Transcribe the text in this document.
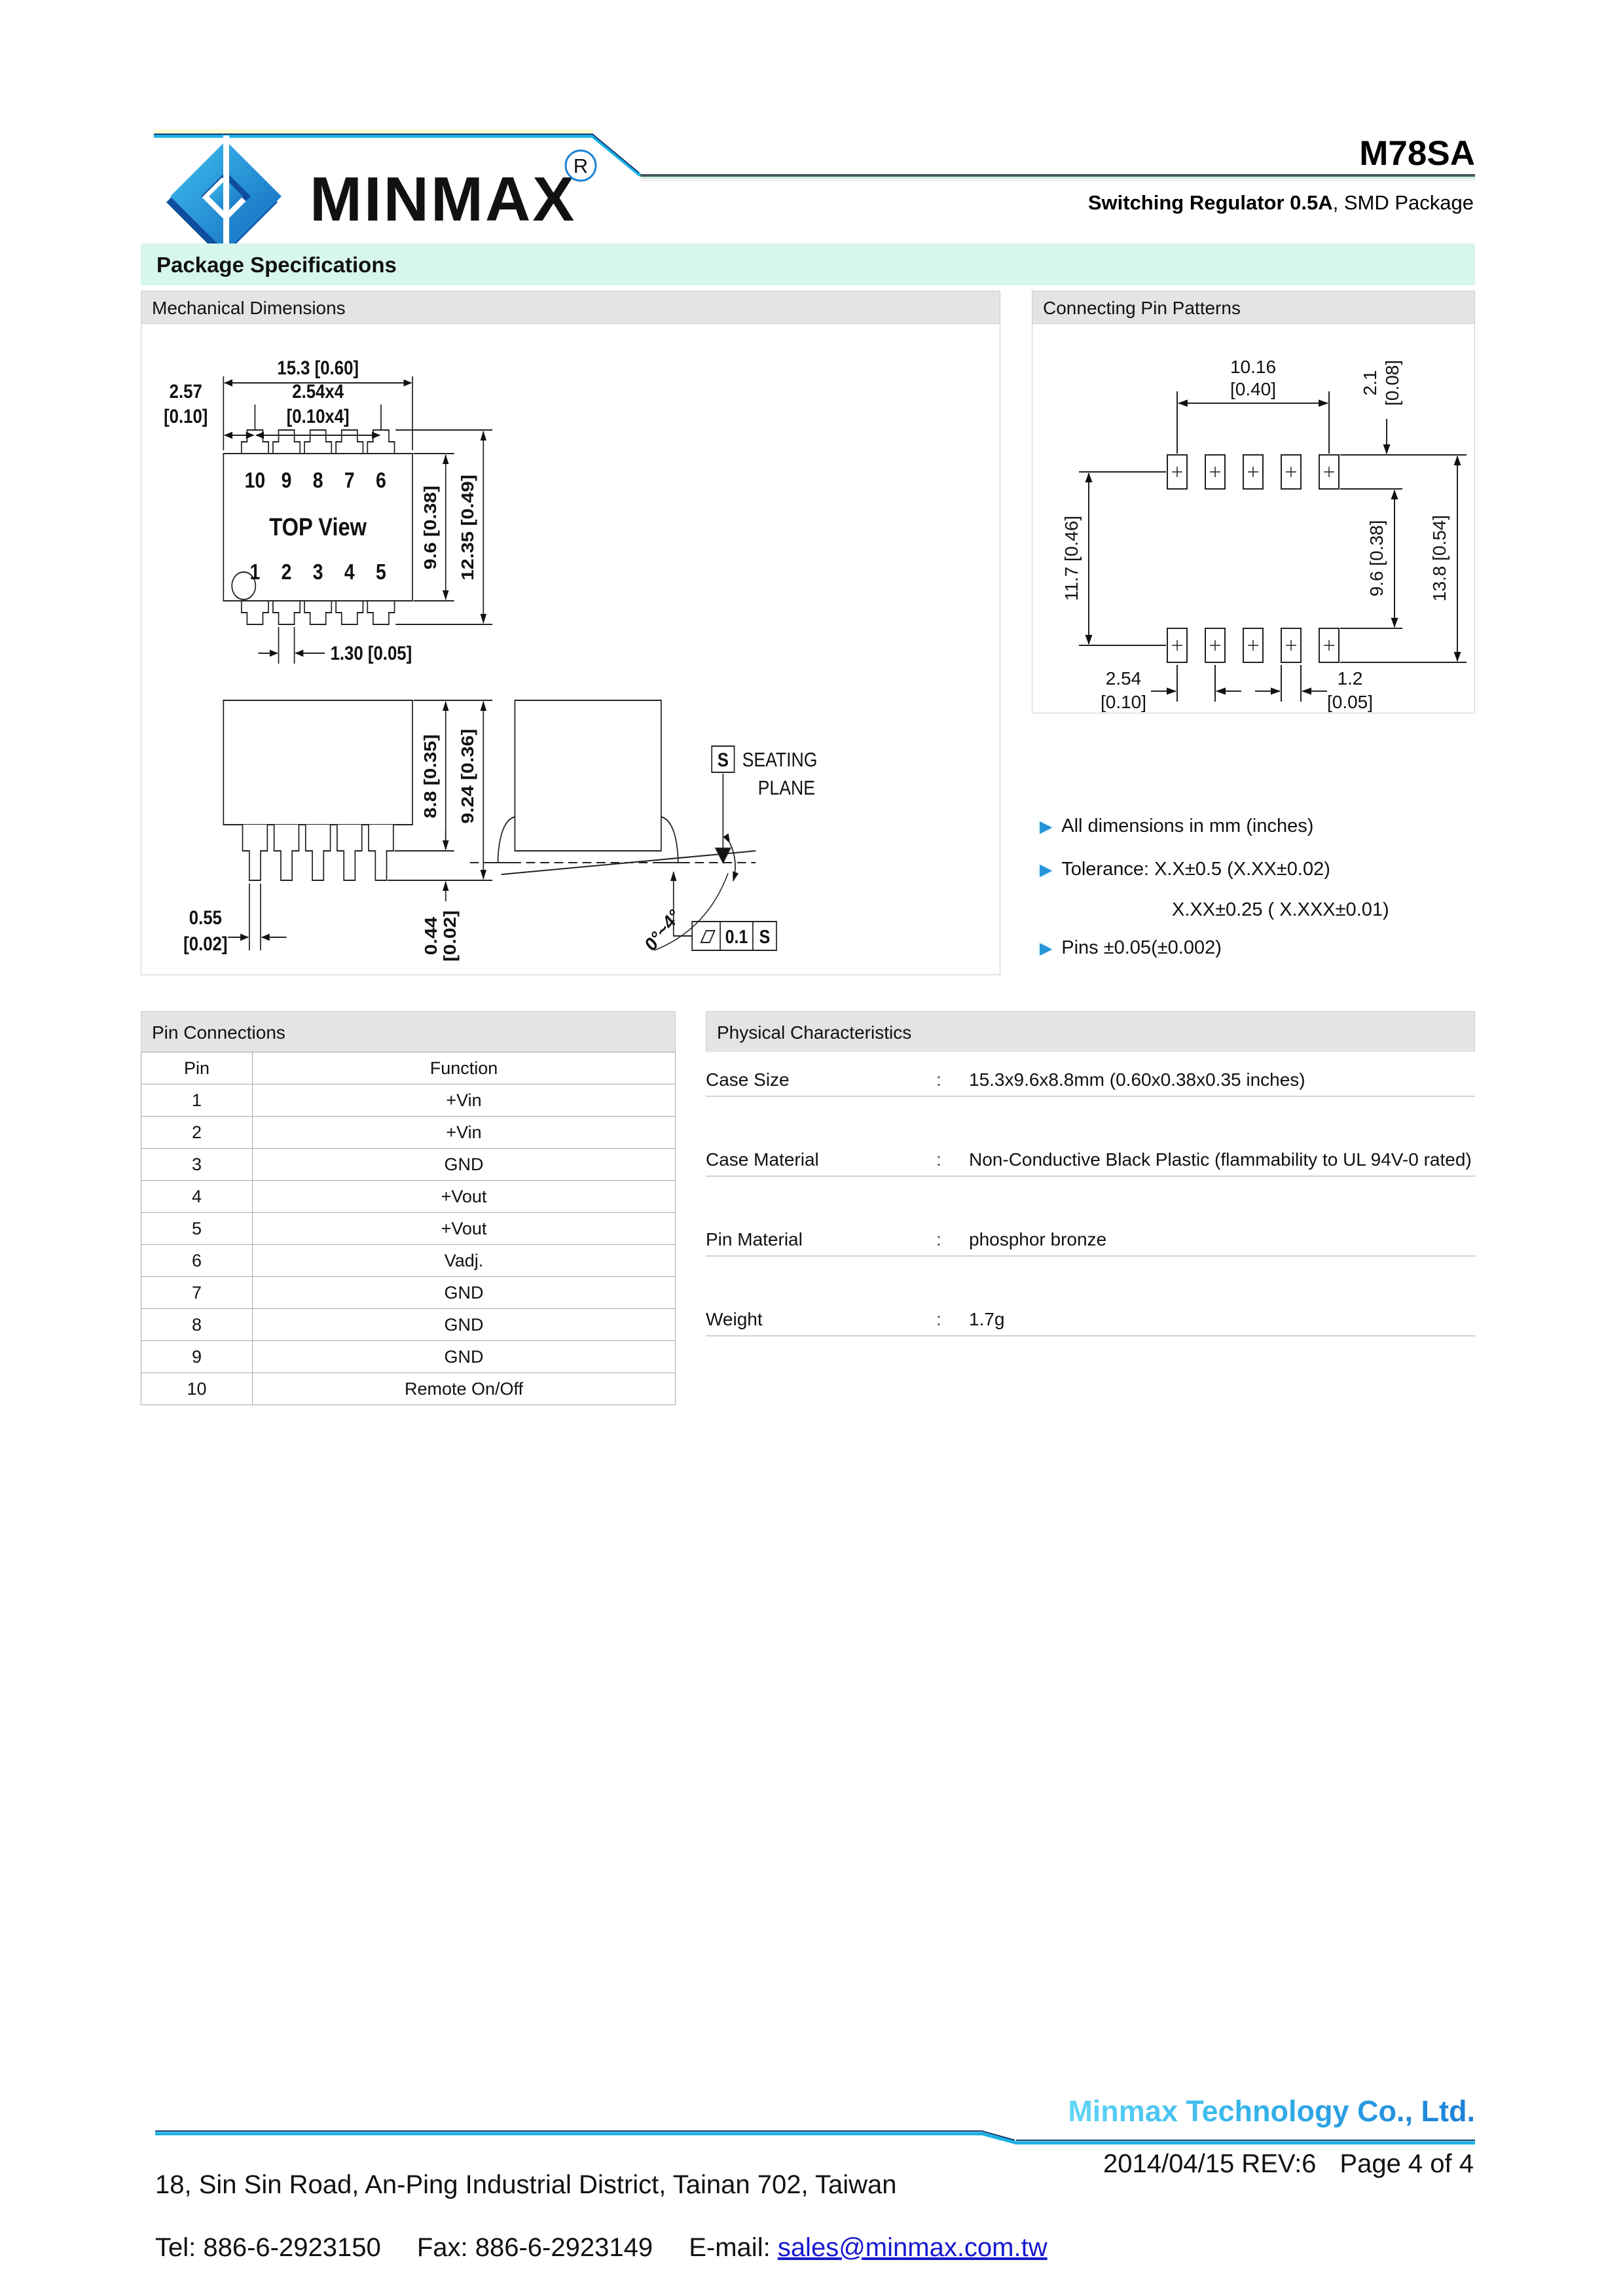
MINMAX
R	M78SA
Switching Regulator 0.5A, SMD Package
Package Specifications
Mechanical Dimensions
15.3 [0.60]
2.57
[0.10]
2.54x4
[0.10x4]
10 9 8 7 6
1 2 3 4 5
TOP View	9.6 [0.38] 12.35 [0.49]
1.30 [0.05]
8.8 [0.35] 9.24 [0.36]
0.44 [0.02]
0.55
[0.02]	0°~4°
S SEATING
PLANE
0.1 S
Connecting Pin Patterns
10.16
[0.40]	2.1 [0.08]
11.7 [0.46]	9.6 [0.38] 13.8 [0.54]
2.54
[0.10]
1.2
[0.05]
▶ All dimensions in mm (inches)
▶ Tolerance: X.X±0.5 (X.XX±0.02)
X.XX±0.25 ( X.XXX±0.01)
▶ Pins ±0.05(±0.002)
Pin Connections
Pin	Function
1	+Vin
2	+Vin
3	GND
4	+Vout
5	+Vout
6	Vadj.
7	GND
8	GND
9	GND
10	Remote On/Off
Physical Characteristics
Case Size	:	15.3x9.6x8.8mm (0.60x0.38x0.35 inches)
Case Material	:	Non-Conductive Black Plastic (flammability to UL 94V-0 rated)
Pin Material	:	phosphor bronze
Weight	:	1.7g
Minmax Technology Co., Ltd.
18, Sin Sin Road, An-Ping Industrial District, Tainan 702, Taiwan
Tel: 886-6-2923150 Fax: 886-6-2923149 E-mail: sales@minmax.com.tw
2014/04/15 REV:6 Page 4 of 4
